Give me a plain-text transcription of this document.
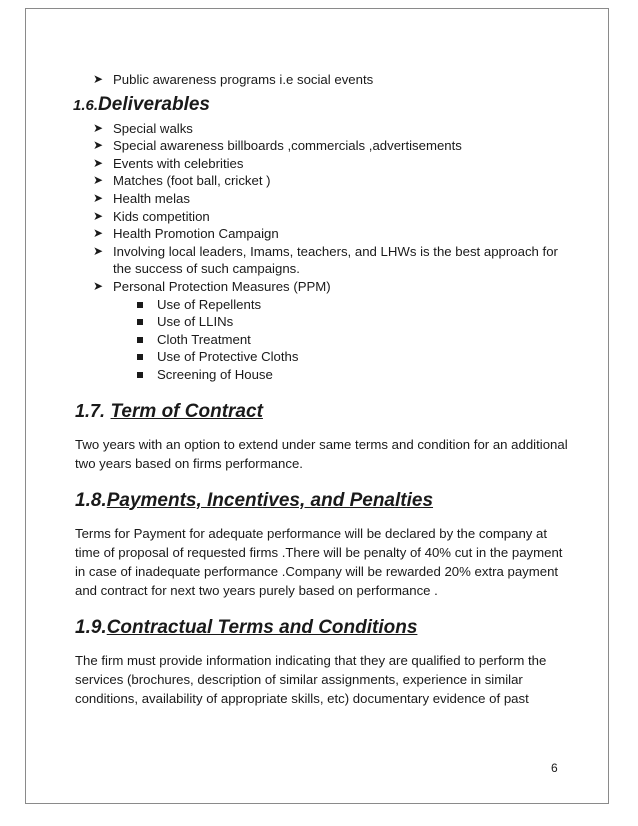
➤ Public awareness programs i.e social events
1.6.Deliverables
➤ Special walks
➤ Special awareness billboards ,commercials ,advertisements
➤ Events with celebrities
➤ Matches (foot ball, cricket )
➤ Health melas
➤ Kids competition
➤ Health Promotion Campaign
➤ Involving local leaders, Imams, teachers, and LHWs is the best approach for the success of such campaigns.
➤ Personal Protection Measures (PPM)
Use of Repellents
Use of LLINs
Cloth Treatment
Use of Protective Cloths
Screening of House
1.7. Term of Contract

Two years with an option to extend under same terms and condition for an additional two years based on firms performance.

1.8.Payments, Incentives, and Penalties

Terms for Payment for adequate performance will be declared by the company at time of proposal of requested firms .There will be penalty of 40% cut in the payment in case of inadequate performance .Company will be rewarded 20% extra payment and contract for next two years purely based on performance .

1.9.Contractual Terms and Conditions

The firm must provide information indicating that they are qualified to perform the services (brochures, description of similar assignments, experience in similar conditions, availability of appropriate skills, etc) documentary evidence of past

6
